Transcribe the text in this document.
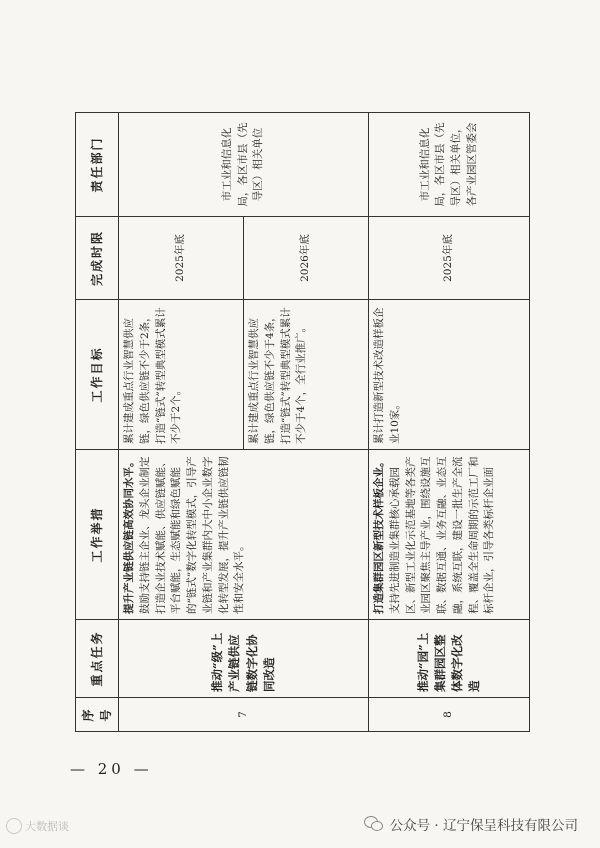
序号	重点任务	工作举措	工作目标	完成时限	责任部门
7	推动“级”上产业链供应链数字化协同改造	提升产业链供应链高效协同水平。 鼓励支持链主企业、龙头企业制定打造企业技术赋能、供应链赋能、平台赋能，生态赋能和绿色赋能的“链式”数字化转型模式，引导产业链和产业集群内大中小企业数字化转型发展，提升产业链供应链韧性和安全水平。	累计建成重点行业智慧供应链，绿色供应链不少于2条，打造“链式”转型典型模式累计不少于2个。	2025年底	市工业和信息化局，各区市县（先导区）相关单位
			累计建成重点行业智慧供应链，绿色供应链不少于4条，打造“链式”转型典型模式累计不少于4个，全行业推广。	2026年底	
8	推动“园”上集群园区整体数字化改造	打造集群园区新型技术样板企业。 支持先进制造业集群核心承载园区、新型工业化示范基地等各类产业园区聚焦主导产业，围绕设施互联、数据互通、业务互融、业态互融，系统互联，建设一批生产全流程、覆盖全生命周期的示范工厂和标杆企业，引导各类标杆企业面	累计打造新型技术改造样板企业10家。	2025年底	市工业和信息化局，各区市县（先导区）相关单位，各产业园区管委会
— 20 —
大数据谈	公众号 · 辽宁保呈科技有限公司
